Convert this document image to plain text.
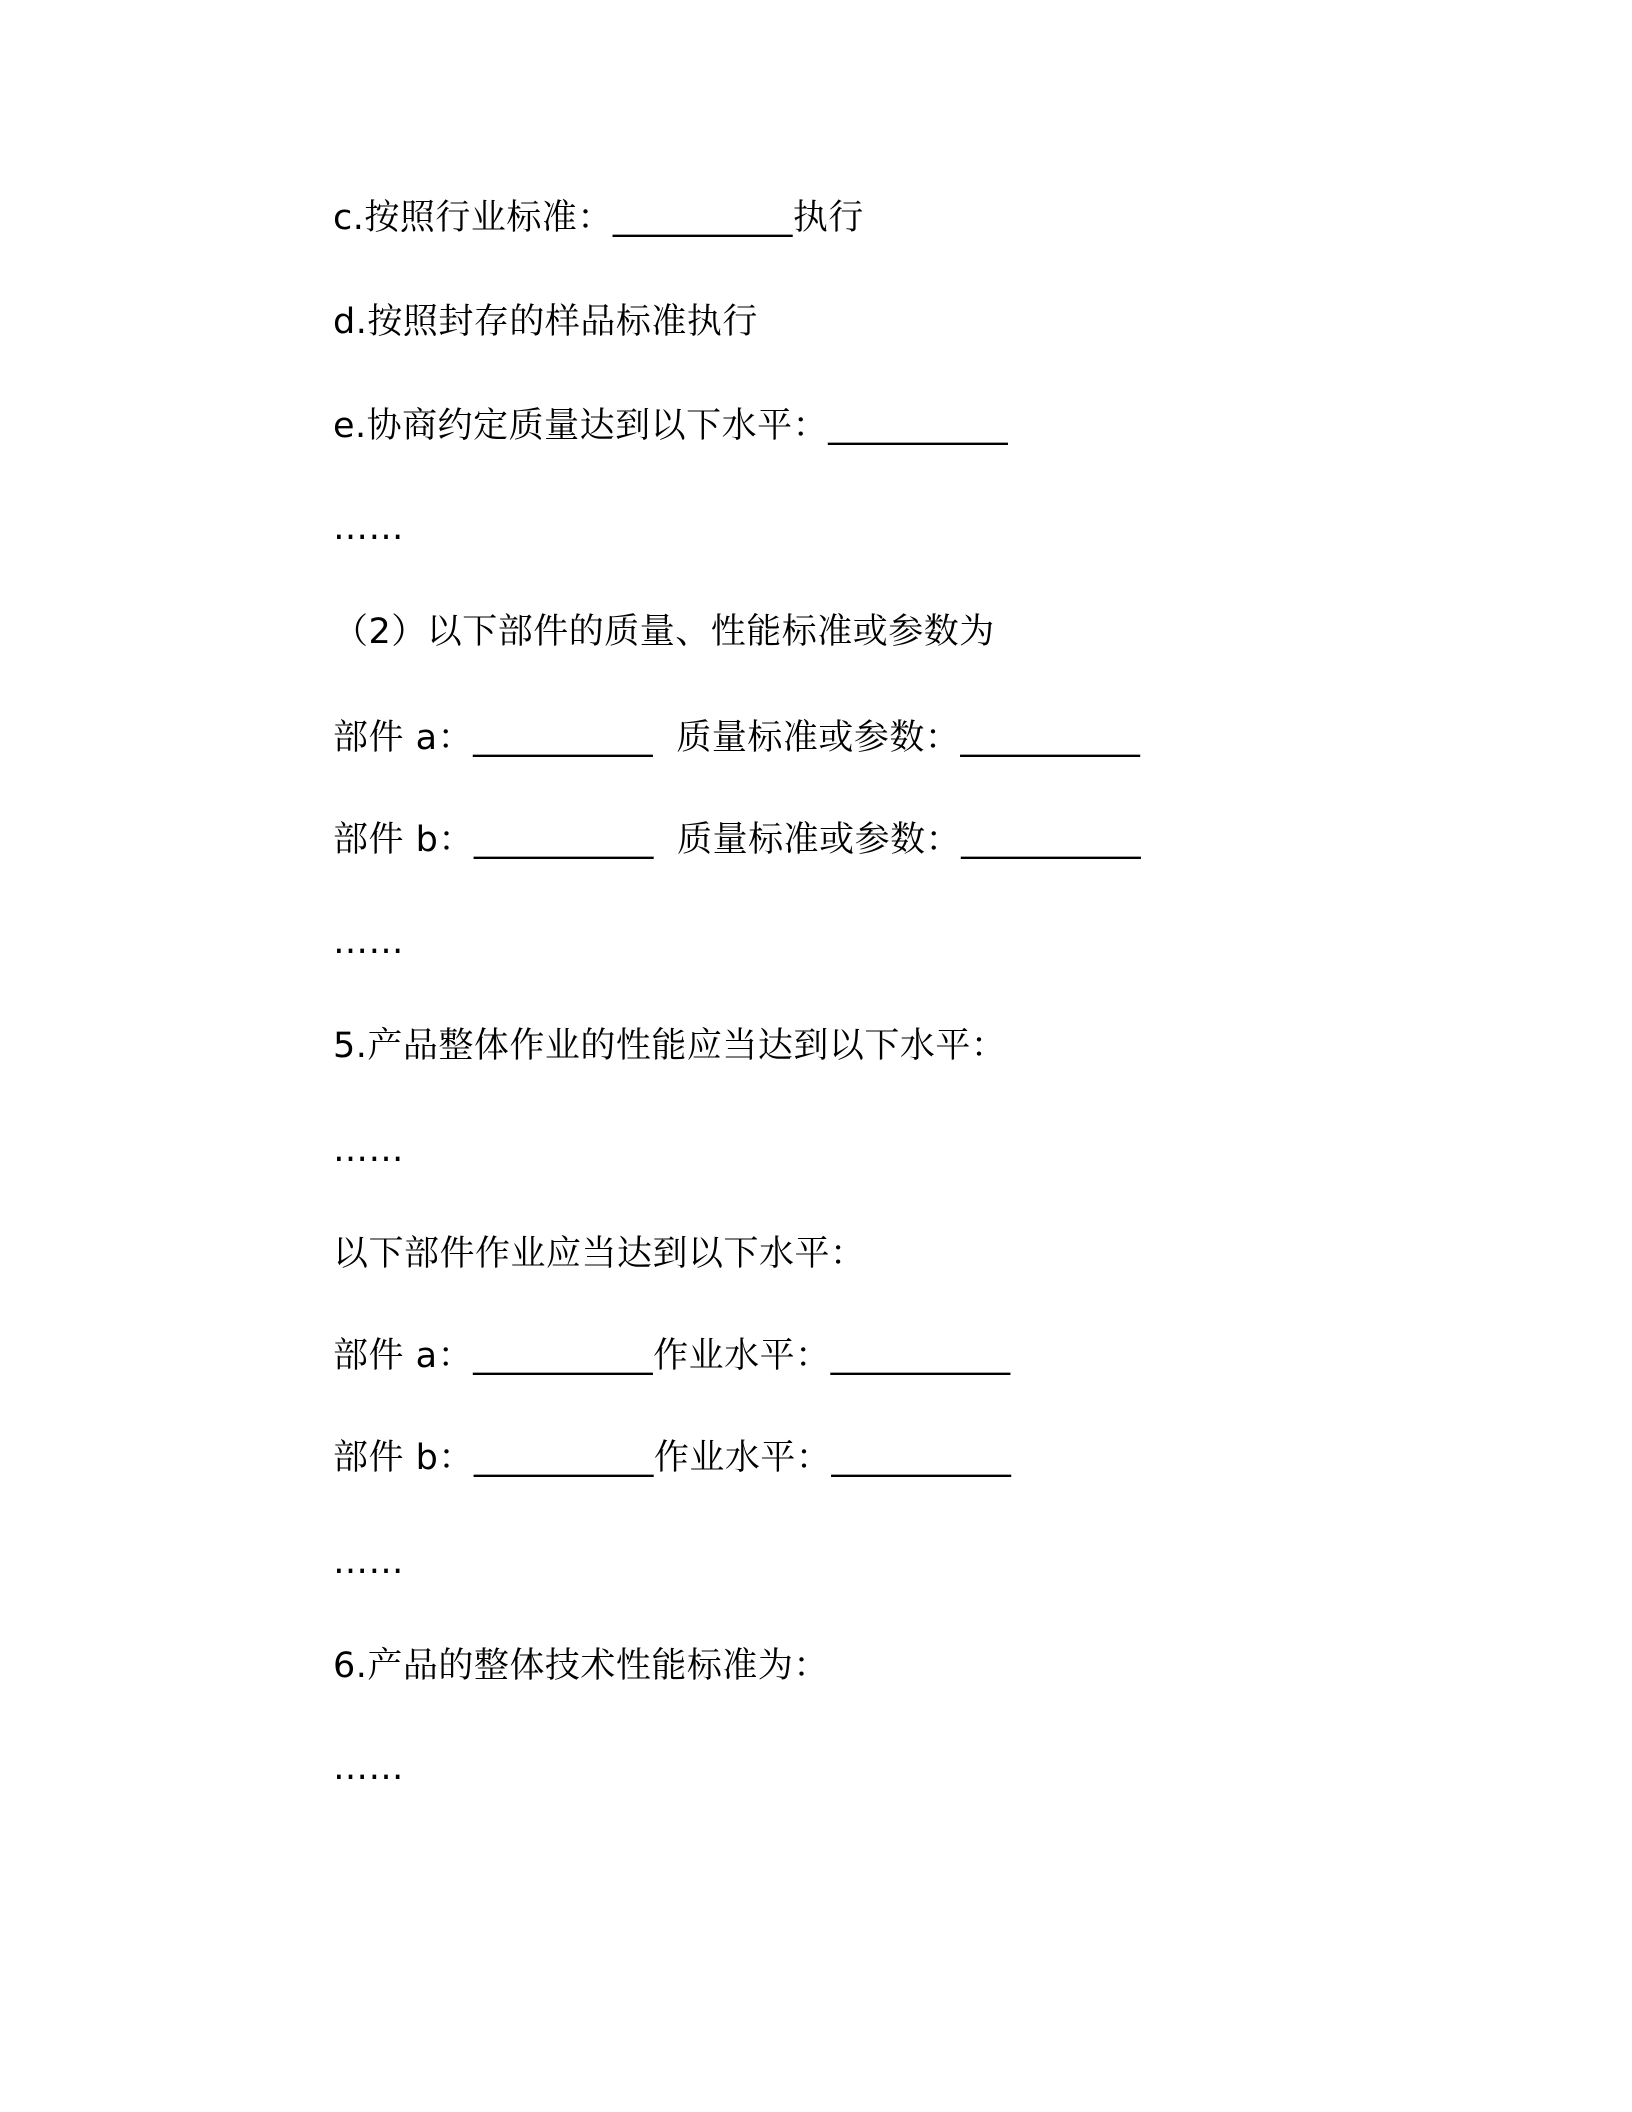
c.按照行业标准：__________执行
d.按照封存的样品标准执行
e.协商约定质量达到以下水平：__________
……
（2）以下部件的质量、性能标准或参数为
部件 a：__________  质量标准或参数：__________
部件 b：__________  质量标准或参数：__________
……
5.产品整体作业的性能应当达到以下水平：
……
以下部件作业应当达到以下水平：
部件 a：__________作业水平：__________
部件 b：__________作业水平：__________
……
6.产品的整体技术性能标准为：
……
